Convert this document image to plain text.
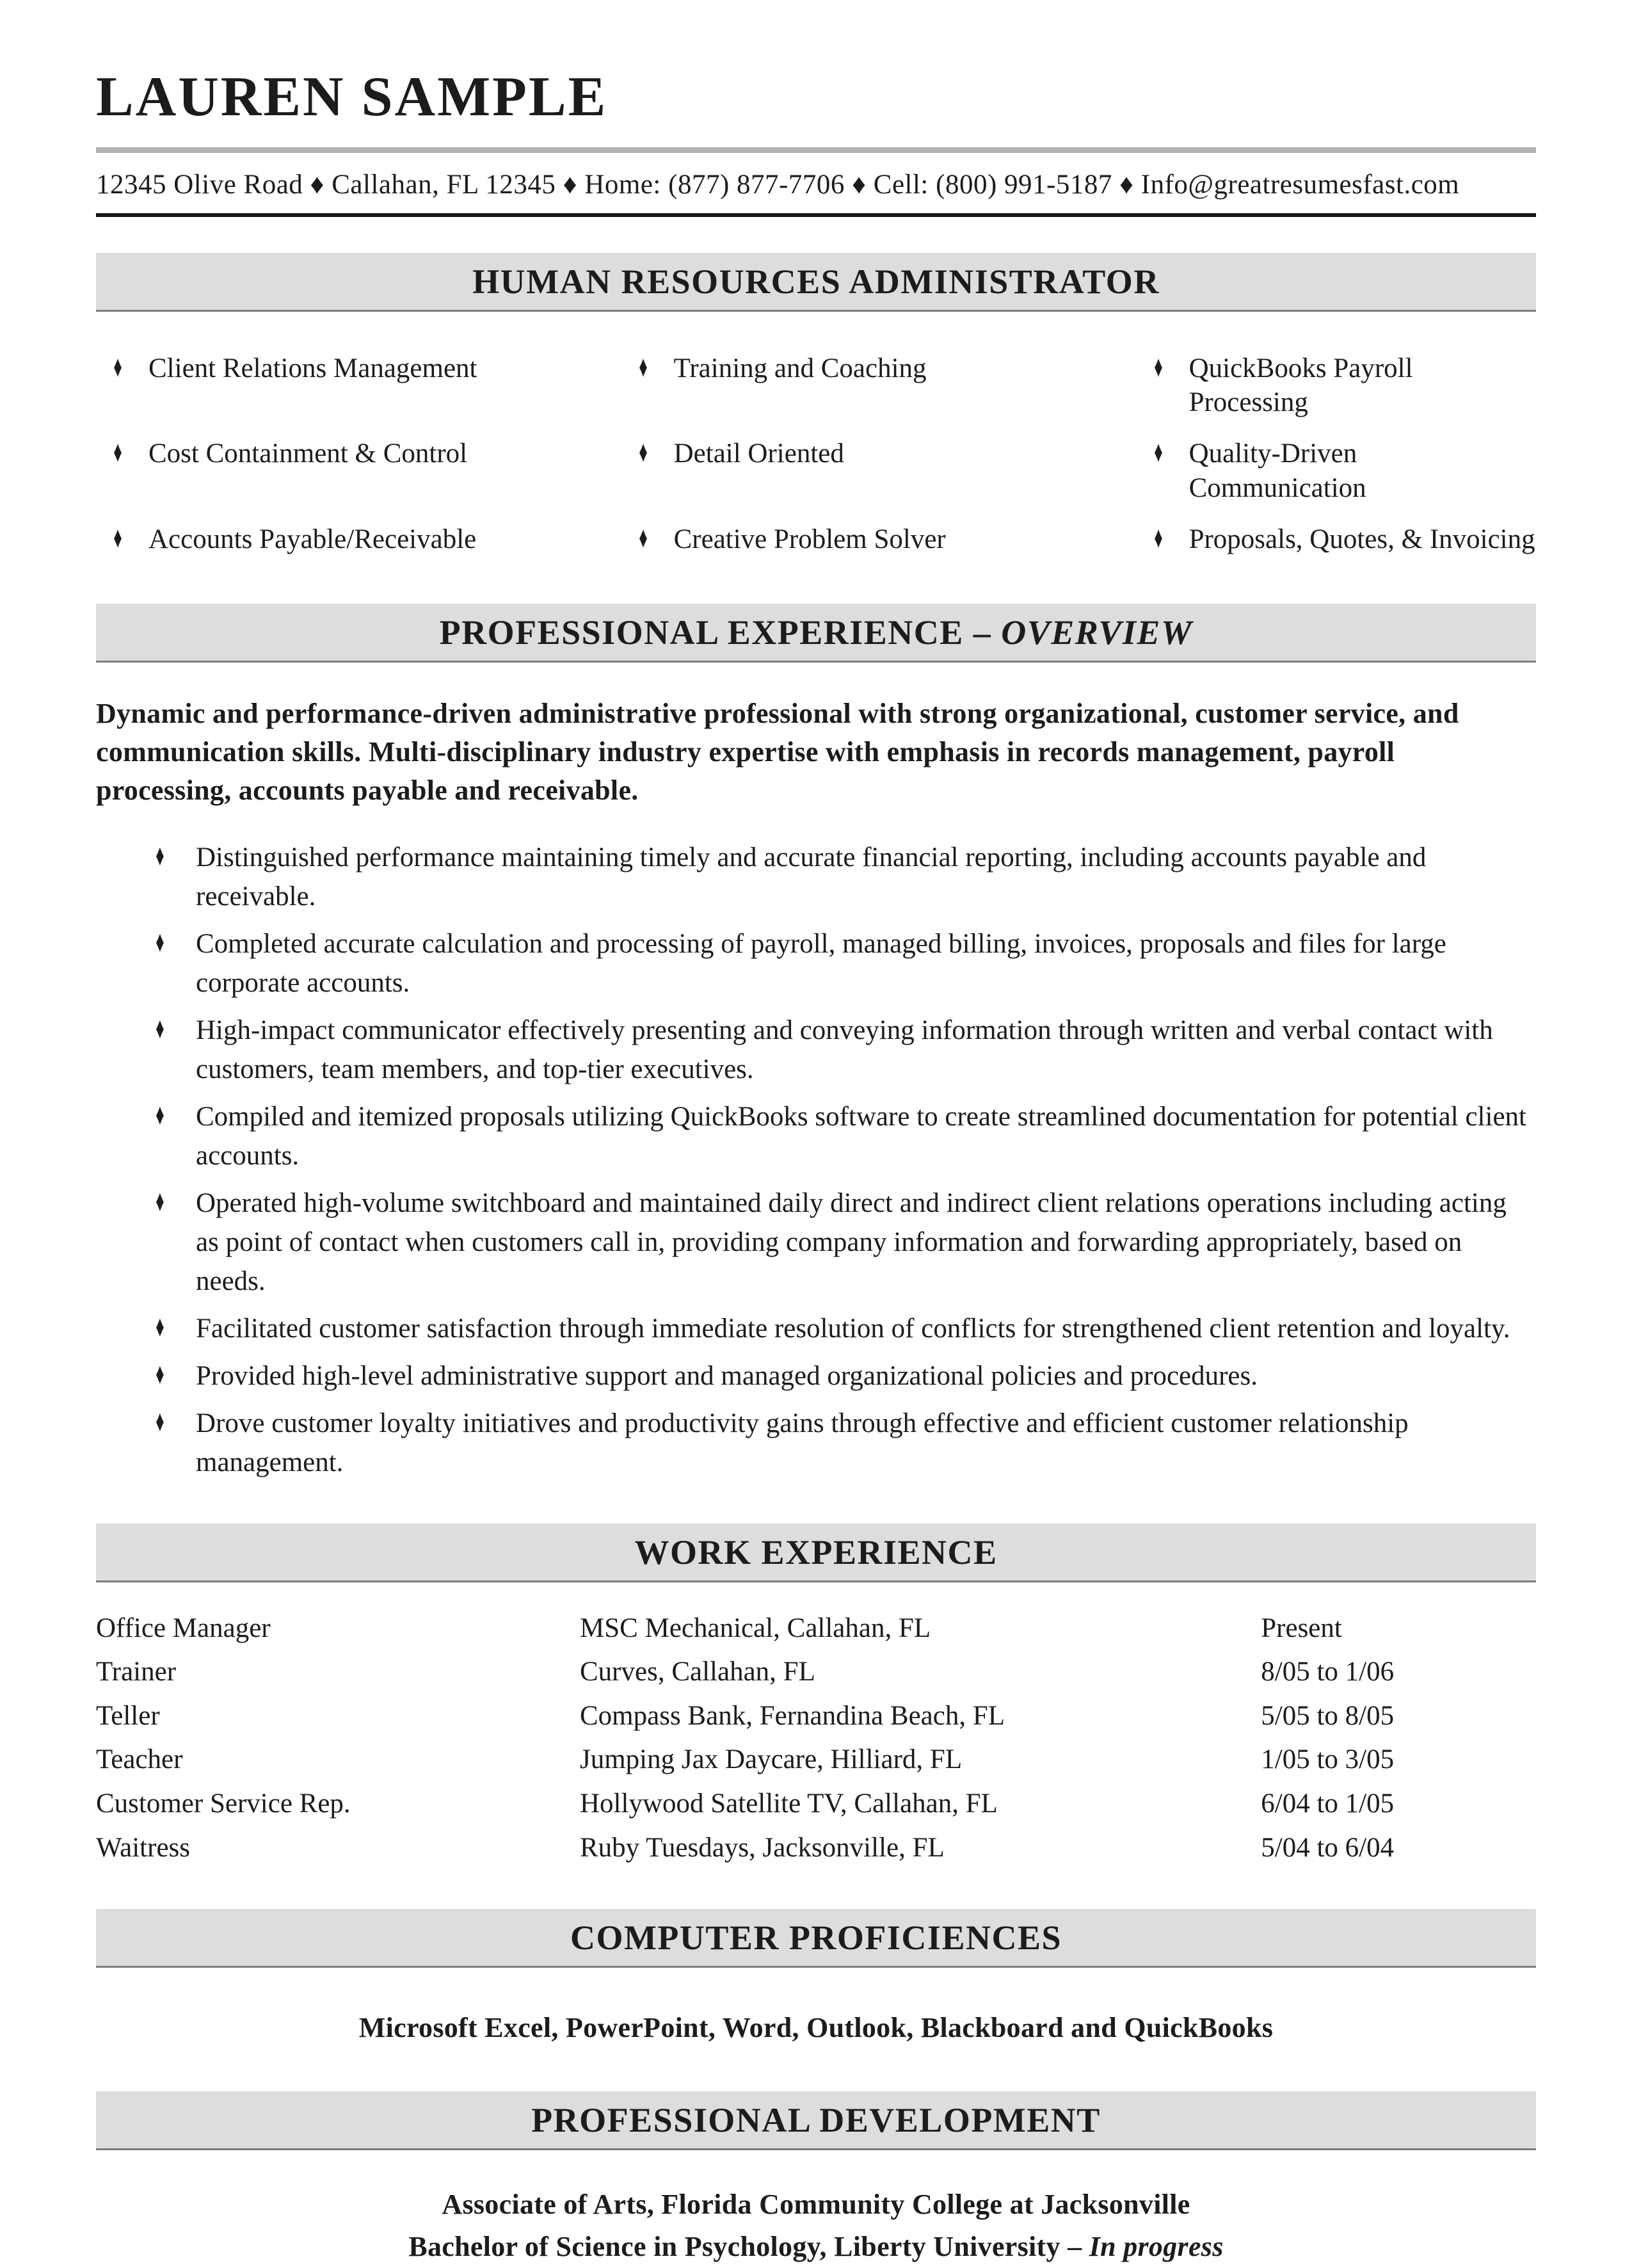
LAUREN SAMPLE
12345 Olive Road ♦ Callahan, FL 12345 ♦ Home: (877) 877-7706 ♦ Cell: (800) 991-5187 ♦ Info@greatresumesfast.com
HUMAN RESOURCES ADMINISTRATOR
♦ Client Relations Management	♦ Training and Coaching	♦ QuickBooks Payroll Processing
♦ Cost Containment & Control	♦ Detail Oriented	♦ Quality-Driven Communication
♦ Accounts Payable/Receivable	♦ Creative Problem Solver	♦ Proposals, Quotes, & Invoicing
PROFESSIONAL EXPERIENCE – OVERVIEW

Dynamic and performance-driven administrative professional with strong organizational, customer service, and communication skills. Multi-disciplinary industry expertise with emphasis in records management, payroll processing, accounts payable and receivable.

♦ Distinguished performance maintaining timely and accurate financial reporting, including accounts payable and receivable.
♦ Completed accurate calculation and processing of payroll, managed billing, invoices, proposals and files for large corporate accounts.
♦ High-impact communicator effectively presenting and conveying information through written and verbal contact with customers, team members, and top-tier executives.
♦ Compiled and itemized proposals utilizing QuickBooks software to create streamlined documentation for potential client accounts.
♦ Operated high-volume switchboard and maintained daily direct and indirect client relations operations including acting as point of contact when customers call in, providing company information and forwarding appropriately, based on needs.
♦ Facilitated customer satisfaction through immediate resolution of conflicts for strengthened client retention and loyalty.
♦ Provided high-level administrative support and managed organizational policies and procedures.
♦ Drove customer loyalty initiatives and productivity gains through effective and efficient customer relationship management.
WORK EXPERIENCE
Office Manager	MSC Mechanical, Callahan, FL	Present
Trainer	Curves, Callahan, FL	8/05 to 1/06
Teller	Compass Bank, Fernandina Beach, FL	5/05 to 8/05
Teacher	Jumping Jax Daycare, Hilliard, FL	1/05 to 3/05
Customer Service Rep.	Hollywood Satellite TV, Callahan, FL	6/04 to 1/05
Waitress	Ruby Tuesdays, Jacksonville, FL	5/04 to 6/04
COMPUTER PROFICIENCES

Microsoft Excel, PowerPoint, Word, Outlook, Blackboard and QuickBooks

PROFESSIONAL DEVELOPMENT
Associate of Arts, Florida Community College at Jacksonville
Bachelor of Science in Psychology, Liberty University – In progress
